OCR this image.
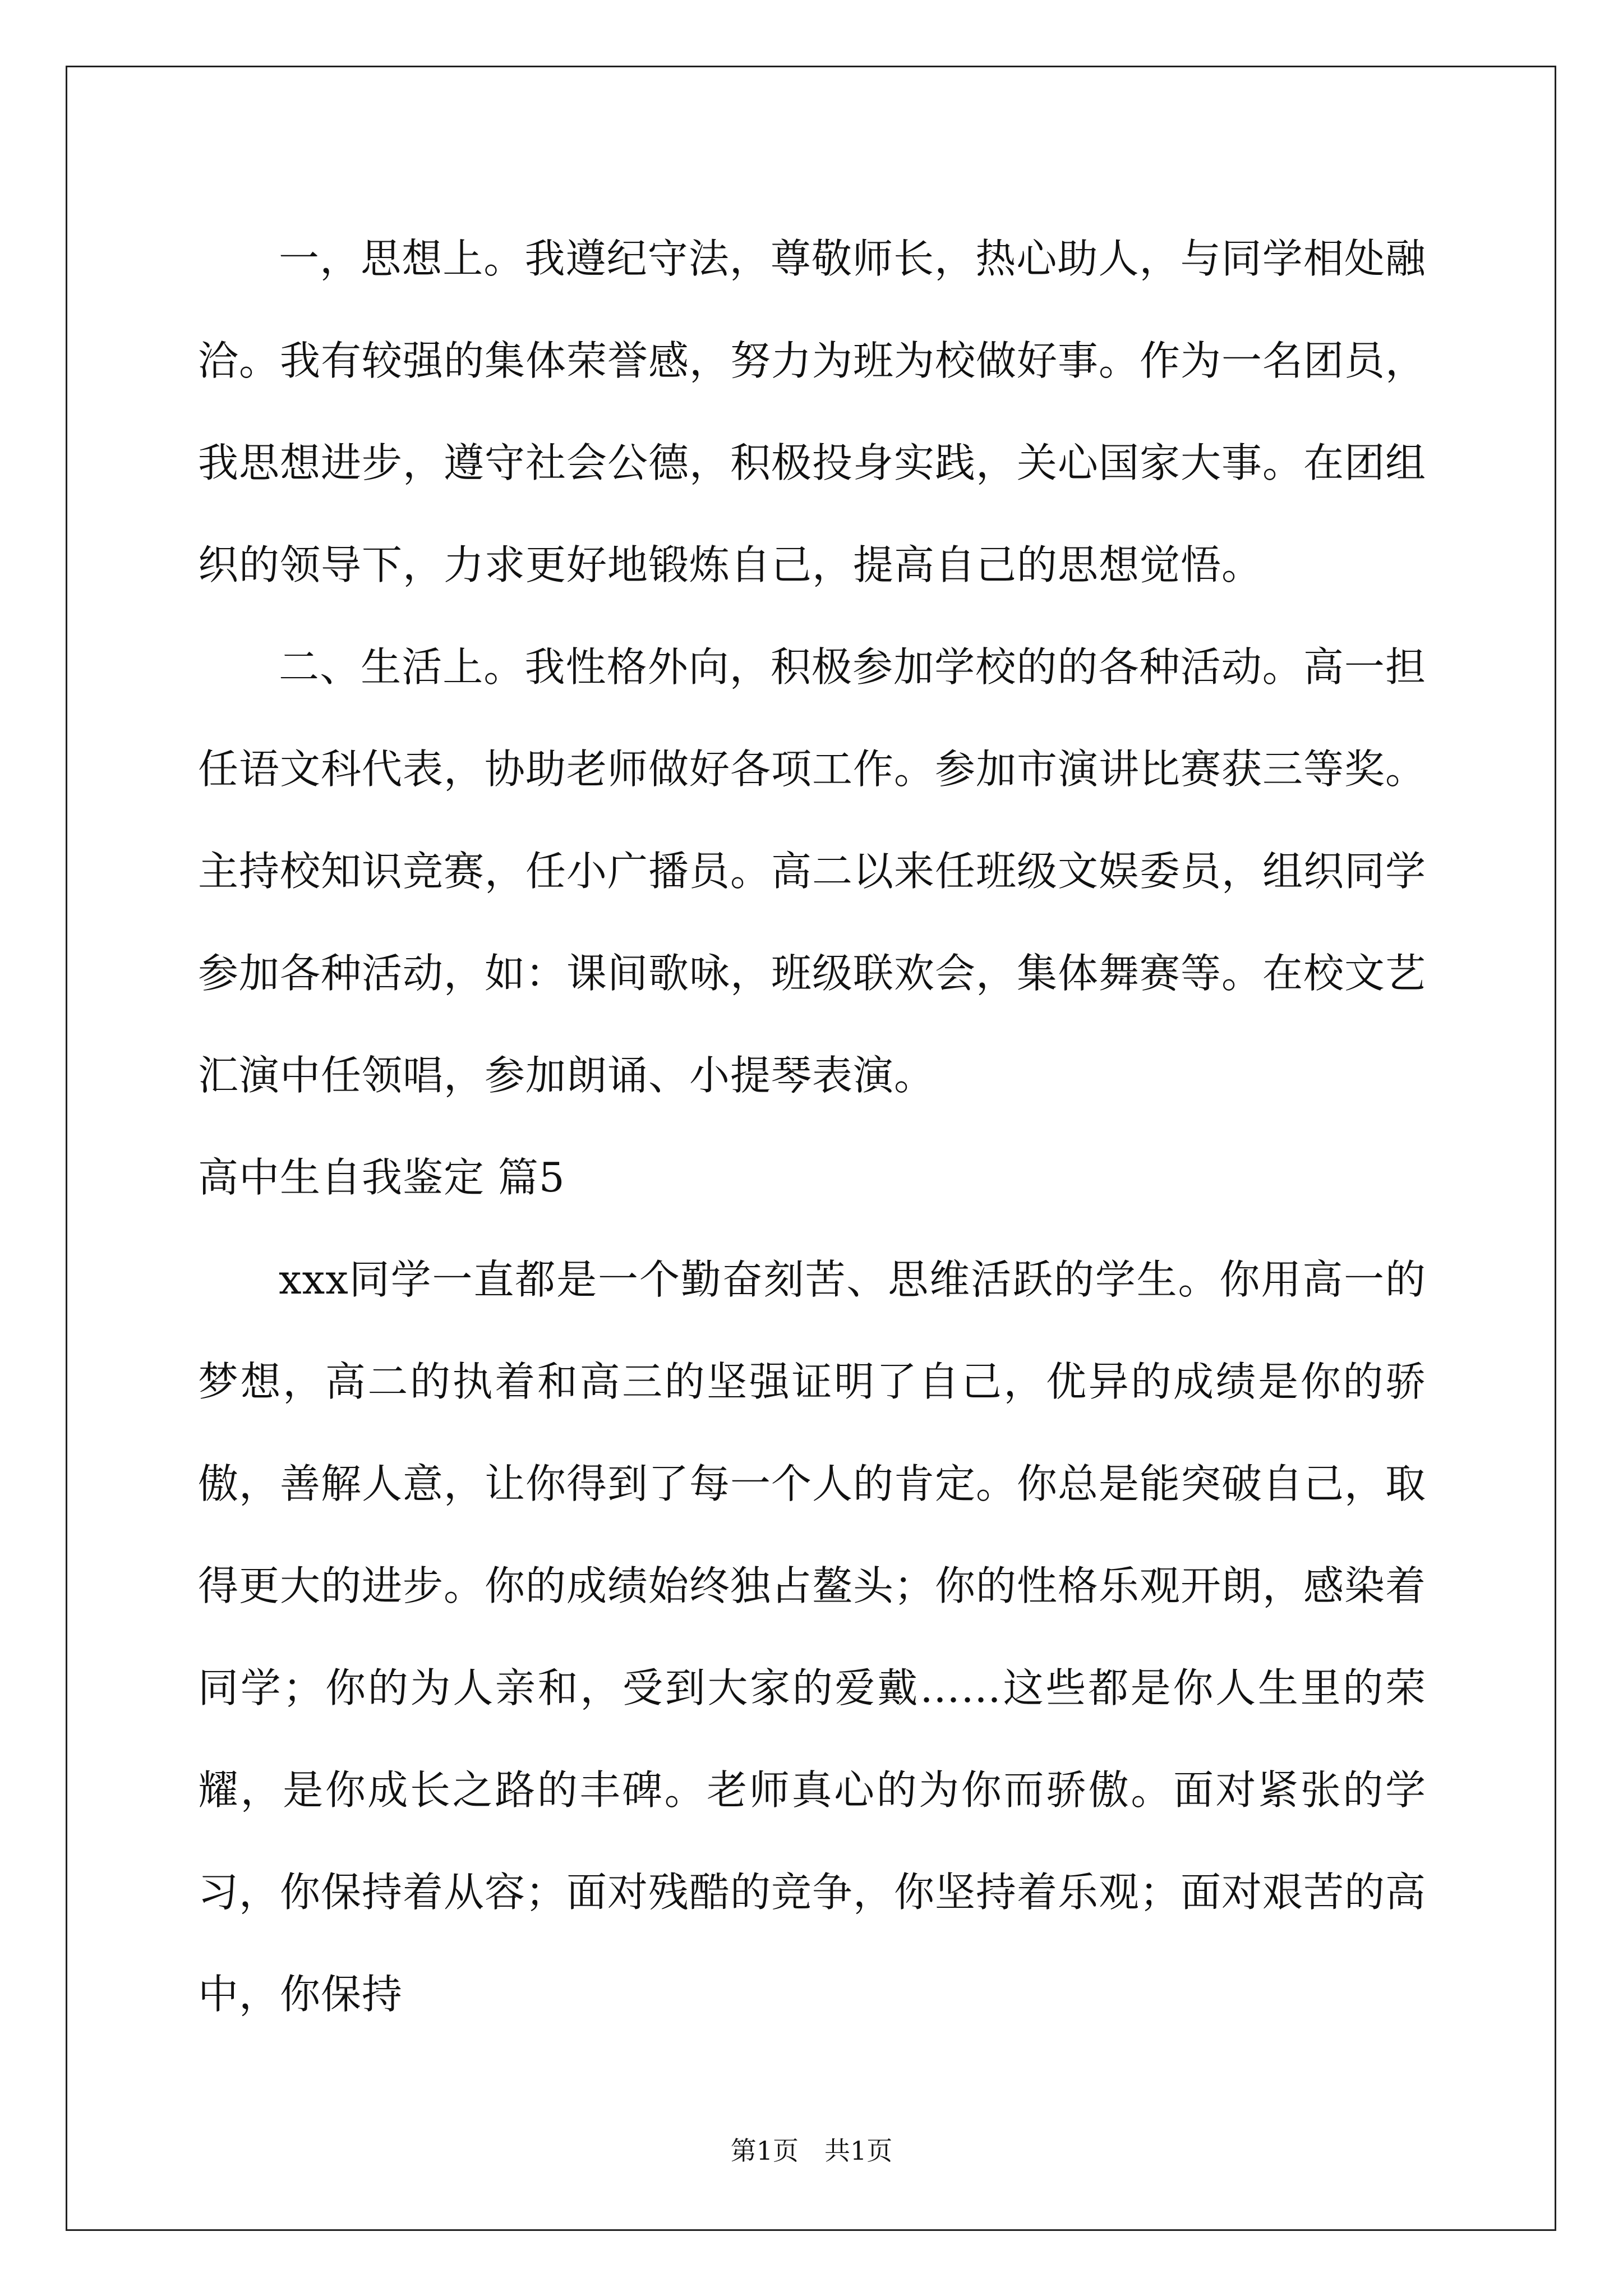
一，思想上。我遵纪守法，尊敬师长，热心助人，与同学相处融洽。我有较强的集体荣誉感，努力为班为校做好事。作为一名团员，我思想进步，遵守社会公德，积极投身实践，关心国家大事。在团组织的领导下，力求更好地锻炼自己，提高自己的思想觉悟。

二、生活上。我性格外向，积极参加学校的的各种活动。高一担任语文科代表，协助老师做好各项工作。参加市演讲比赛获三等奖。主持校知识竞赛，任小广播员。高二以来任班级文娱委员，组织同学参加各种活动，如：课间歌咏，班级联欢会，集体舞赛等。在校文艺汇演中任领唱，参加朗诵、小提琴表演。

高中生自我鉴定 篇5

xxx同学一直都是一个勤奋刻苦、思维活跃的学生。你用高一的梦想，高二的执着和高三的坚强证明了自己，优异的成绩是你的骄傲，善解人意，让你得到了每一个人的肯定。你总是能突破自己，取得更大的进步。你的成绩始终独占鳌头；你的性格乐观开朗，感染着同学；你的为人亲和，受到大家的爱戴……这些都是你人生里的荣耀，是你成长之路的丰碑。老师真心的为你而骄傲。面对紧张的学习，你保持着从容；面对残酷的竞争，你坚持着乐观；面对艰苦的高中，你保持

第1页　共1页
